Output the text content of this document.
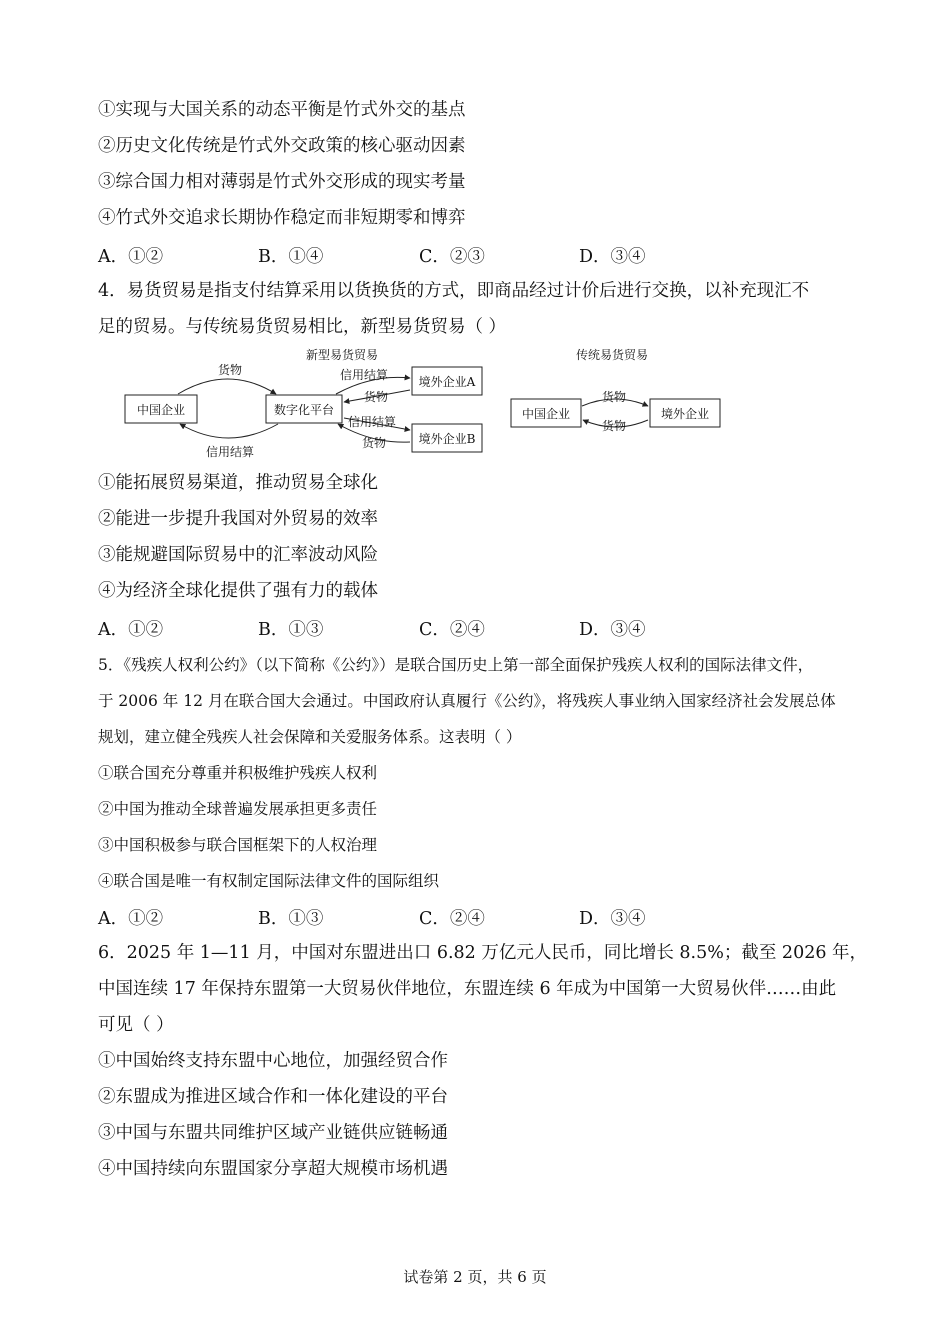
①实现与大国关系的动态平衡是竹式外交的基点
②历史文化传统是竹式外交政策的核心驱动因素
③综合国力相对薄弱是竹式外交形成的现实考量
④竹式外交追求长期协作稳定而非短期零和博弈
A．①②	B．①④	C．②③	D．③④
4．易货贸易是指支付结算采用以货换货的方式，即商品经过计价后进行交换，以补充现汇不
足的贸易。与传统易货贸易相比，新型易货贸易（ ）
新型易货贸易	传统易货贸易
中国企业	数字化平台
境外企业A
境外企业B
中国企业	境外企业
货物
信用结算
信用结算
货物
信用结算
货物
货物
货物
①能拓展贸易渠道，推动贸易全球化
②能进一步提升我国对外贸易的效率
③能规避国际贸易中的汇率波动风险
④为经济全球化提供了强有力的载体
A．①②	B．①③	C．②④	D．③④
5．《残疾人权利公约》（以下简称《公约》）是联合国历史上第一部全面保护残疾人权利的国际法律文件，
于 2006 年 12 月在联合国大会通过。中国政府认真履行《公约》，将残疾人事业纳入国家经济社会发展总体
规划，建立健全残疾人社会保障和关爱服务体系。这表明（ ）
①联合国充分尊重并积极维护残疾人权利
②中国为推动全球普遍发展承担更多责任
③中国积极参与联合国框架下的人权治理
④联合国是唯一有权制定国际法律文件的国际组织
A．①②	B．①③	C．②④	D．③④
6．2025 年 1—11 月，中国对东盟进出口 6.82 万亿元人民币，同比增长 8.5%；截至 2026 年，
中国连续 17 年保持东盟第一大贸易伙伴地位，东盟连续 6 年成为中国第一大贸易伙伴……由此
可见（ ）
①中国始终支持东盟中心地位，加强经贸合作
②东盟成为推进区域合作和一体化建设的平台
③中国与东盟共同维护区域产业链供应链畅通
④中国持续向东盟国家分享超大规模市场机遇
试卷第 2 页，共 6 页
